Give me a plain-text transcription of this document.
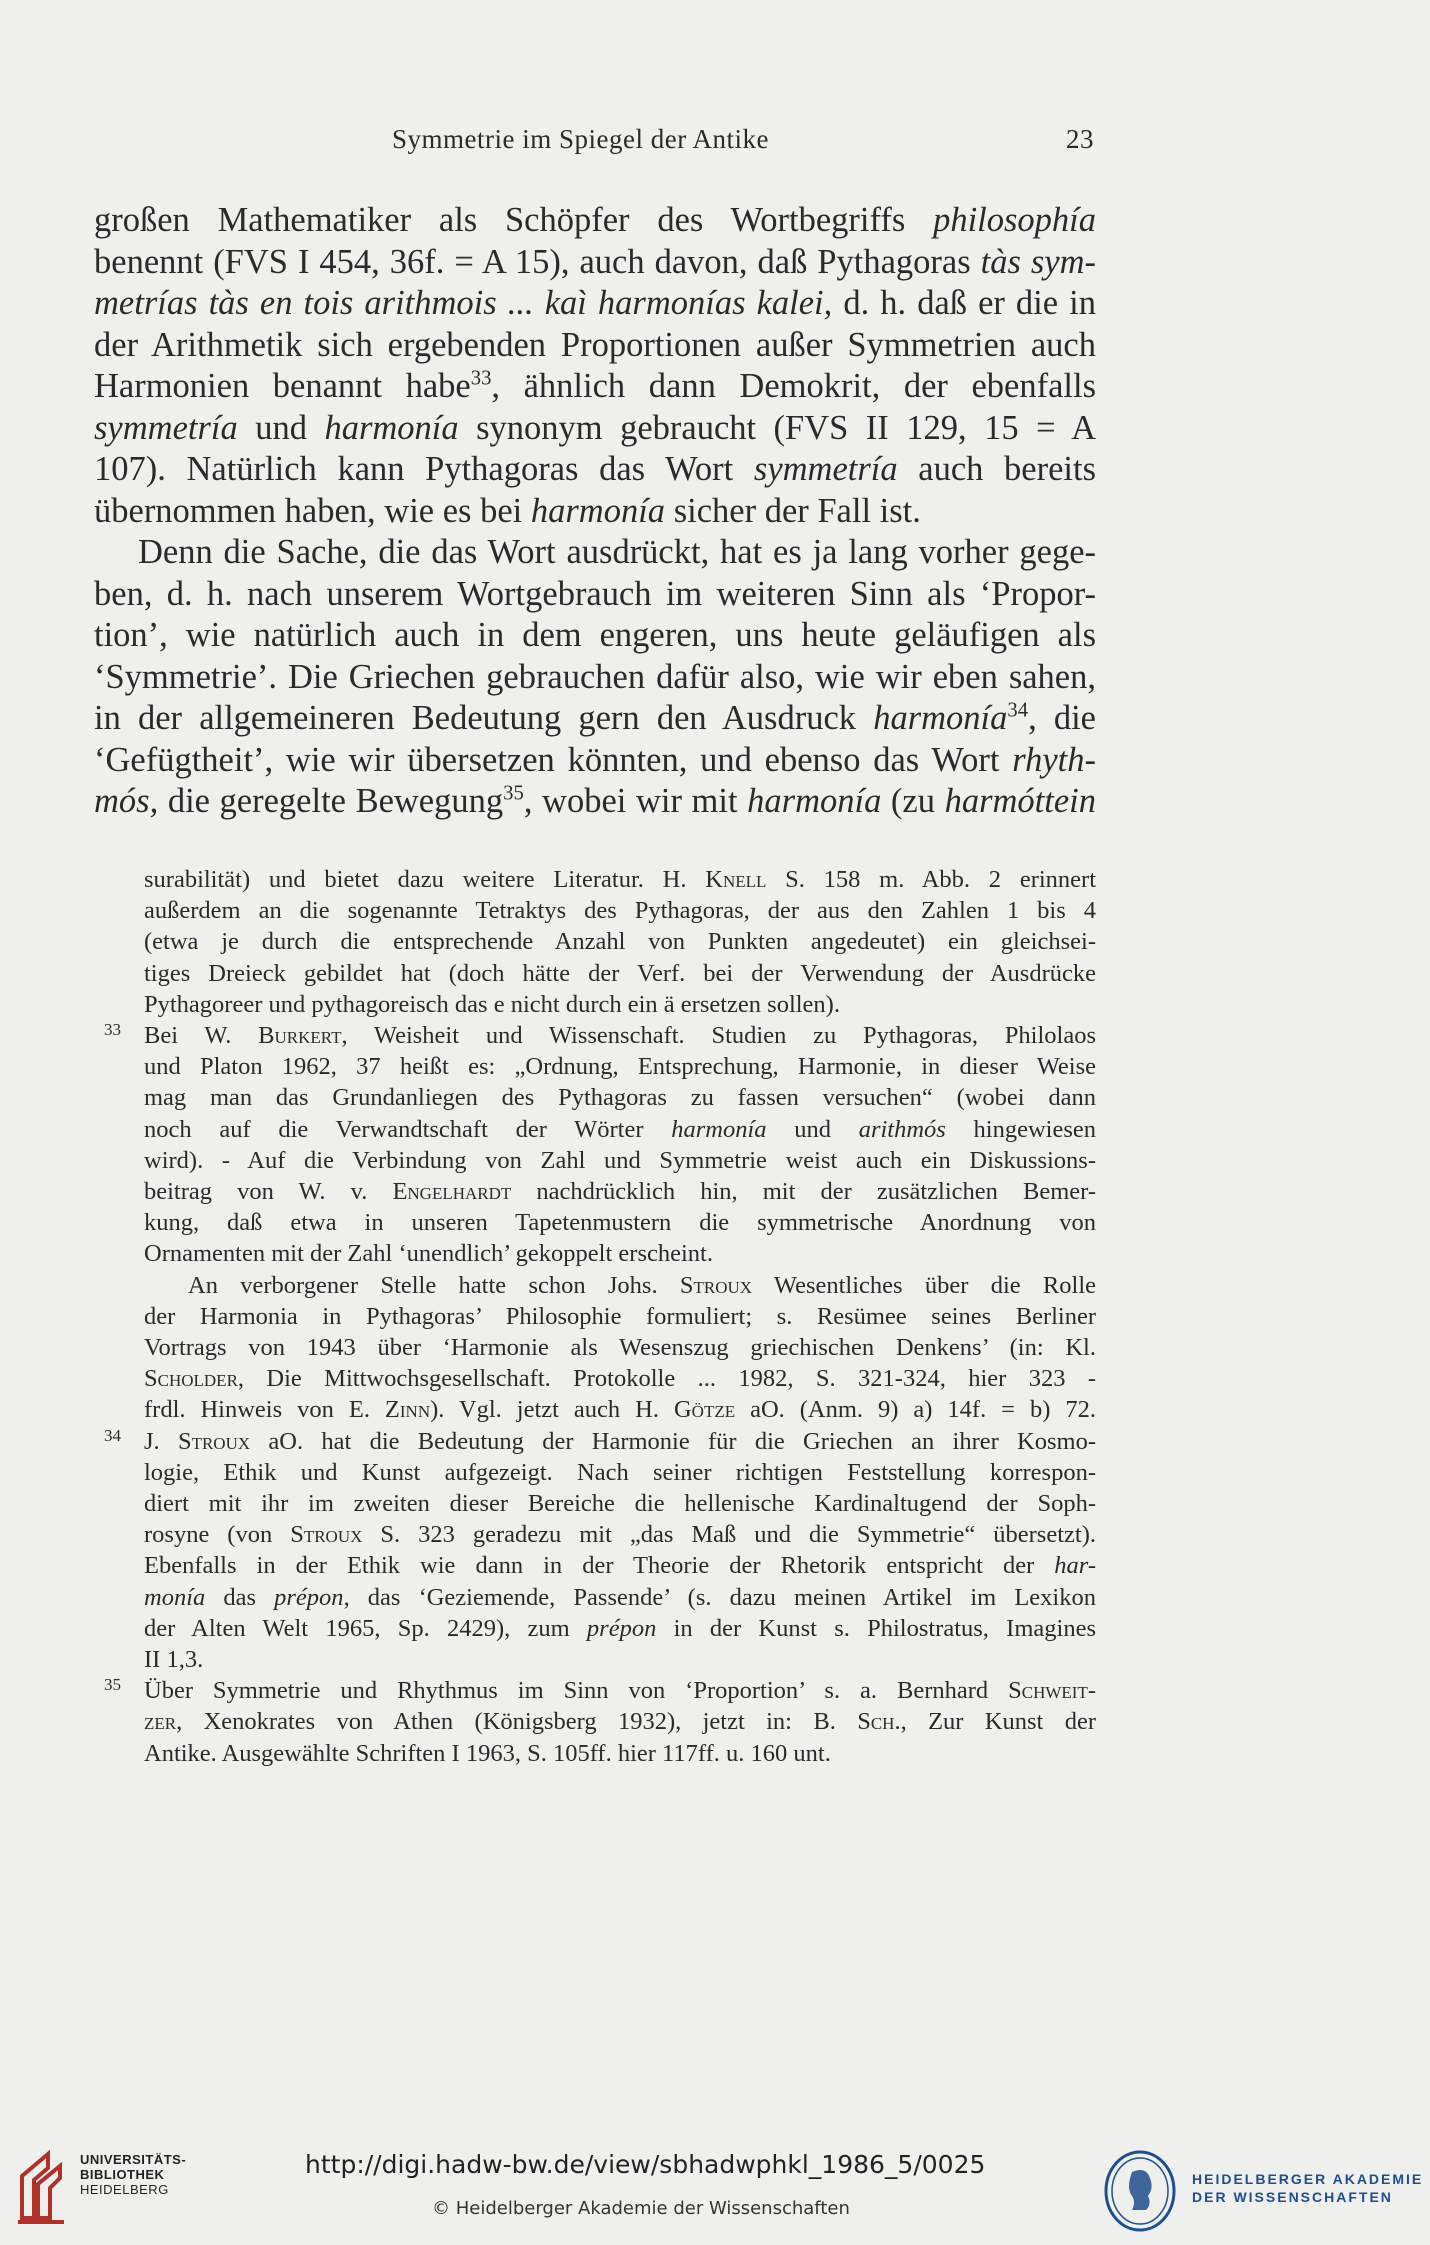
Symmetrie im Spiegel der Antike	23
großen Mathematiker als Schöpfer des Wortbegriffs philosophía
benennt (FVS I 454, 36f. = A 15), auch davon, daß Pythagoras tàs sym-
metrías tàs en tois arithmois ... kaì harmonías kalei, d. h. daß er die in
der Arithmetik sich ergebenden Proportionen außer Symmetrien auch
Harmonien benannt habe$^{33}$, ähnlich dann Demokrit, der ebenfalls
symmetría und harmonía synonym gebraucht (FVS II 129, 15 = A
107). Natürlich kann Pythagoras das Wort symmetría auch bereits
übernommen haben, wie es bei harmonía sicher der Fall ist.
Denn die Sache, die das Wort ausdrückt, hat es ja lang vorher gege-
ben, d. h. nach unserem Wortgebrauch im weiteren Sinn als ‘Propor-
tion’, wie natürlich auch in dem engeren, uns heute geläufigen als
‘Symmetrie’. Die Griechen gebrauchen dafür also, wie wir eben sahen,
in der allgemeineren Bedeutung gern den Ausdruck harmonía$^{34}$, die
‘Gefügtheit’, wie wir übersetzen könnten, und ebenso das Wort rhyth-
mós, die geregelte Bewegung$^{35}$, wobei wir mit harmonía (zu harmóttein
surabilität) und bietet dazu weitere Literatur. H. Knell S. 158 m. Abb. 2 erinnert
außerdem an die sogenannte Tetraktys des Pythagoras, der aus den Zahlen 1 bis 4
(etwa je durch die entsprechende Anzahl von Punkten angedeutet) ein gleichsei-
tiges Dreieck gebildet hat (doch hätte der Verf. bei der Verwendung der Ausdrücke
Pythagoreer und pythagoreisch das e nicht durch ein ä ersetzen sollen).
33 Bei W. Burkert, Weisheit und Wissenschaft. Studien zu Pythagoras, Philolaos
und Platon 1962, 37 heißt es: „Ordnung, Entsprechung, Harmonie, in dieser Weise
mag man das Grundanliegen des Pythagoras zu fassen versuchen“ (wobei dann
noch auf die Verwandtschaft der Wörter harmonía und arithmós hingewiesen
wird). - Auf die Verbindung von Zahl und Symmetrie weist auch ein Diskussions-
beitrag von W. v. Engelhardt nachdrücklich hin, mit der zusätzlichen Bemer-
kung, daß etwa in unseren Tapetenmustern die symmetrische Anordnung von
Ornamenten mit der Zahl ‘unendlich’ gekoppelt erscheint.
An verborgener Stelle hatte schon Johs. Stroux Wesentliches über die Rolle
der Harmonia in Pythagoras’ Philosophie formuliert; s. Resümee seines Berliner
Vortrags von 1943 über ‘Harmonie als Wesenszug griechischen Denkens’ (in: Kl.
Scholder, Die Mittwochsgesellschaft. Protokolle ... 1982, S. 321-324, hier 323 -
frdl. Hinweis von E. Zinn). Vgl. jetzt auch H. Götze aO. (Anm. 9) a) 14f. = b) 72.
34 J. Stroux aO. hat die Bedeutung der Harmonie für die Griechen an ihrer Kosmo-
logie, Ethik und Kunst aufgezeigt. Nach seiner richtigen Feststellung korrespon-
diert mit ihr im zweiten dieser Bereiche die hellenische Kardinaltugend der Soph-
rosyne (von Stroux S. 323 geradezu mit „das Maß und die Symmetrie“ übersetzt).
Ebenfalls in der Ethik wie dann in der Theorie der Rhetorik entspricht der har-
monía das prépon, das ‘Geziemende, Passende’ (s. dazu meinen Artikel im Lexikon
der Alten Welt 1965, Sp. 2429), zum prépon in der Kunst s. Philostratus, Imagines
II 1,3.
35 Über Symmetrie und Rhythmus im Sinn von ‘Proportion’ s. a. Bernhard Schweit-
zer, Xenokrates von Athen (Königsberg 1932), jetzt in: B. Sch., Zur Kunst der
Antike. Ausgewählte Schriften I 1963, S. 105ff. hier 117ff. u. 160 unt.
UNIVERSITÄTS-
BIBLIOTHEK
HEIDELBERG
http://digi.hadw-bw.de/view/sbhadwphkl_1986_5/0025
© Heidelberger Akademie der Wissenschaften
HEIDELBERGER AKADEMIE
DER WISSENSCHAFTEN
